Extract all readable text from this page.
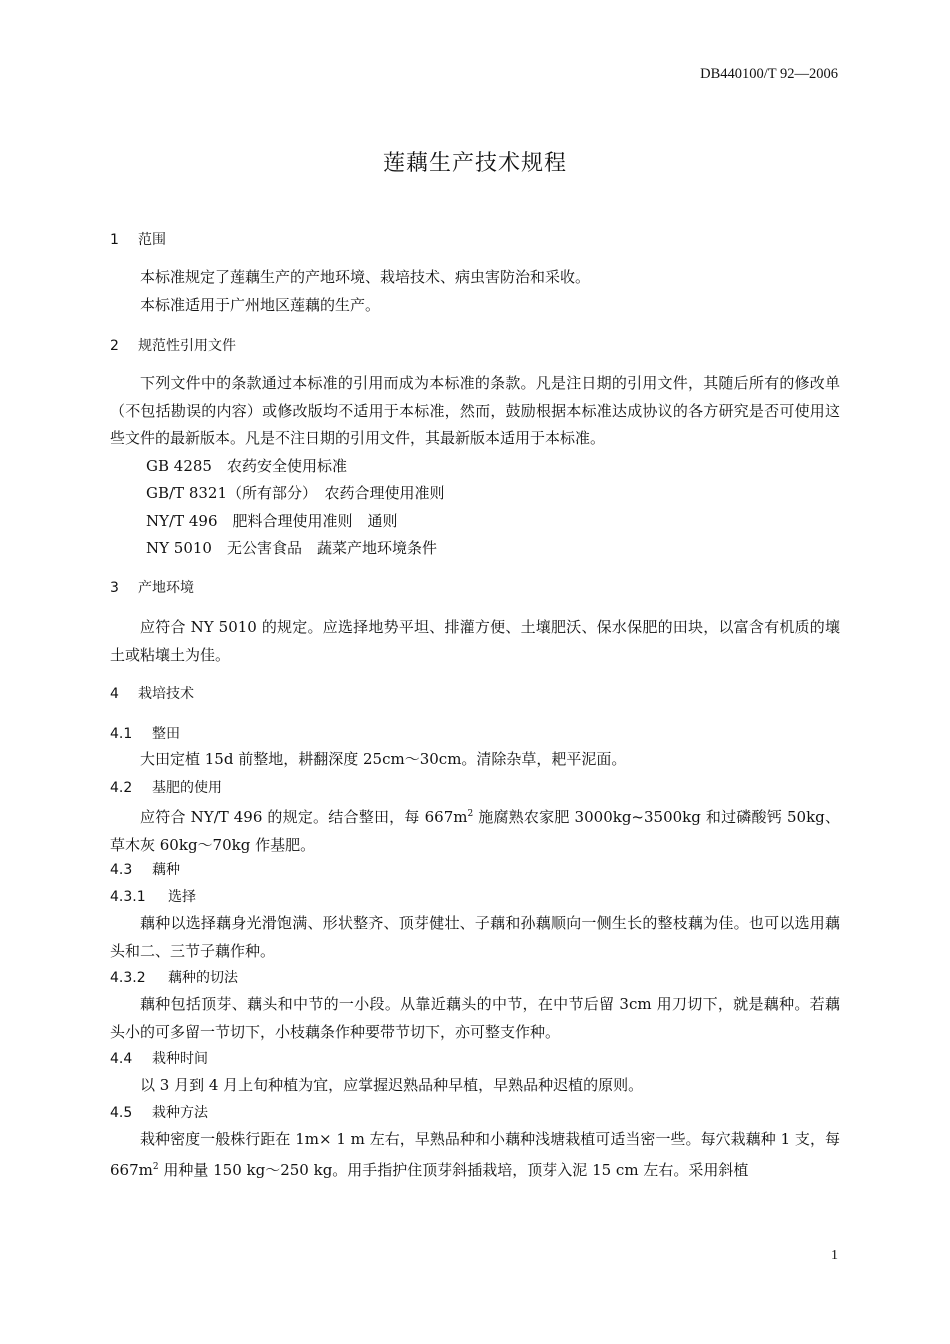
DB440100/T 92—2006
莲藕生产技术规程
1 范围

本标准规定了莲藕生产的产地环境、栽培技术、病虫害防治和采收。

本标准适用于广州地区莲藕的生产。

2 规范性引用文件

下列文件中的条款通过本标准的引用而成为本标准的条款。凡是注日期的引用文件，其随后所有的修改单（不包括勘误的内容）或修改版均不适用于本标准，然而，鼓励根据本标准达成协议的各方研究是否可使用这些文件的最新版本。凡是不注日期的引用文件，其最新版本适用于本标准。

GB 4285　农药安全使用标准
GB/T 8321（所有部分）　农药合理使用准则
NY/T 496　肥料合理使用准则　通则
NY 5010　无公害食品　蔬菜产地环境条件
3 产地环境

应符合 NY 5010 的规定。应选择地势平坦、排灌方便、土壤肥沃、保水保肥的田块，以富含有机质的壤土或粘壤土为佳。

4 栽培技术
4.1 整田

大田定植 15d 前整地，耕翻深度 25cm～30cm。清除杂草，耙平泥面。

4.2 基肥的使用

应符合 NY/T 496 的规定。结合整田，每 $667m^2$ 施腐熟农家肥 3000kg~3500kg 和过磷酸钙 50kg、草木灰 60kg～70kg 作基肥。

4.3 藕种
4.3.1 选择

藕种以选择藕身光滑饱满、形状整齐、顶芽健壮、子藕和孙藕顺向一侧生长的整枝藕为佳。也可以选用藕头和二、三节子藕作种。

4.3.2 藕种的切法

藕种包括顶芽、藕头和中节的一小段。从靠近藕头的中节，在中节后留 3cm 用刀切下，就是藕种。若藕头小的可多留一节切下，小枝藕条作种要带节切下，亦可整支作种。

4.4 栽种时间

以 3 月到 4 月上旬种植为宜，应掌握迟熟品种早植，早熟品种迟植的原则。

4.5 栽种方法

栽种密度一般株行距在 1m× 1 m 左右，早熟品种和小藕种浅塘栽植可适当密一些。每穴栽藕种 1 支，每 $667m^2$ 用种量 150 kg～250 kg。用手指护住顶芽斜插栽培，顶芽入泥 15 cm 左右。采用斜植

1
